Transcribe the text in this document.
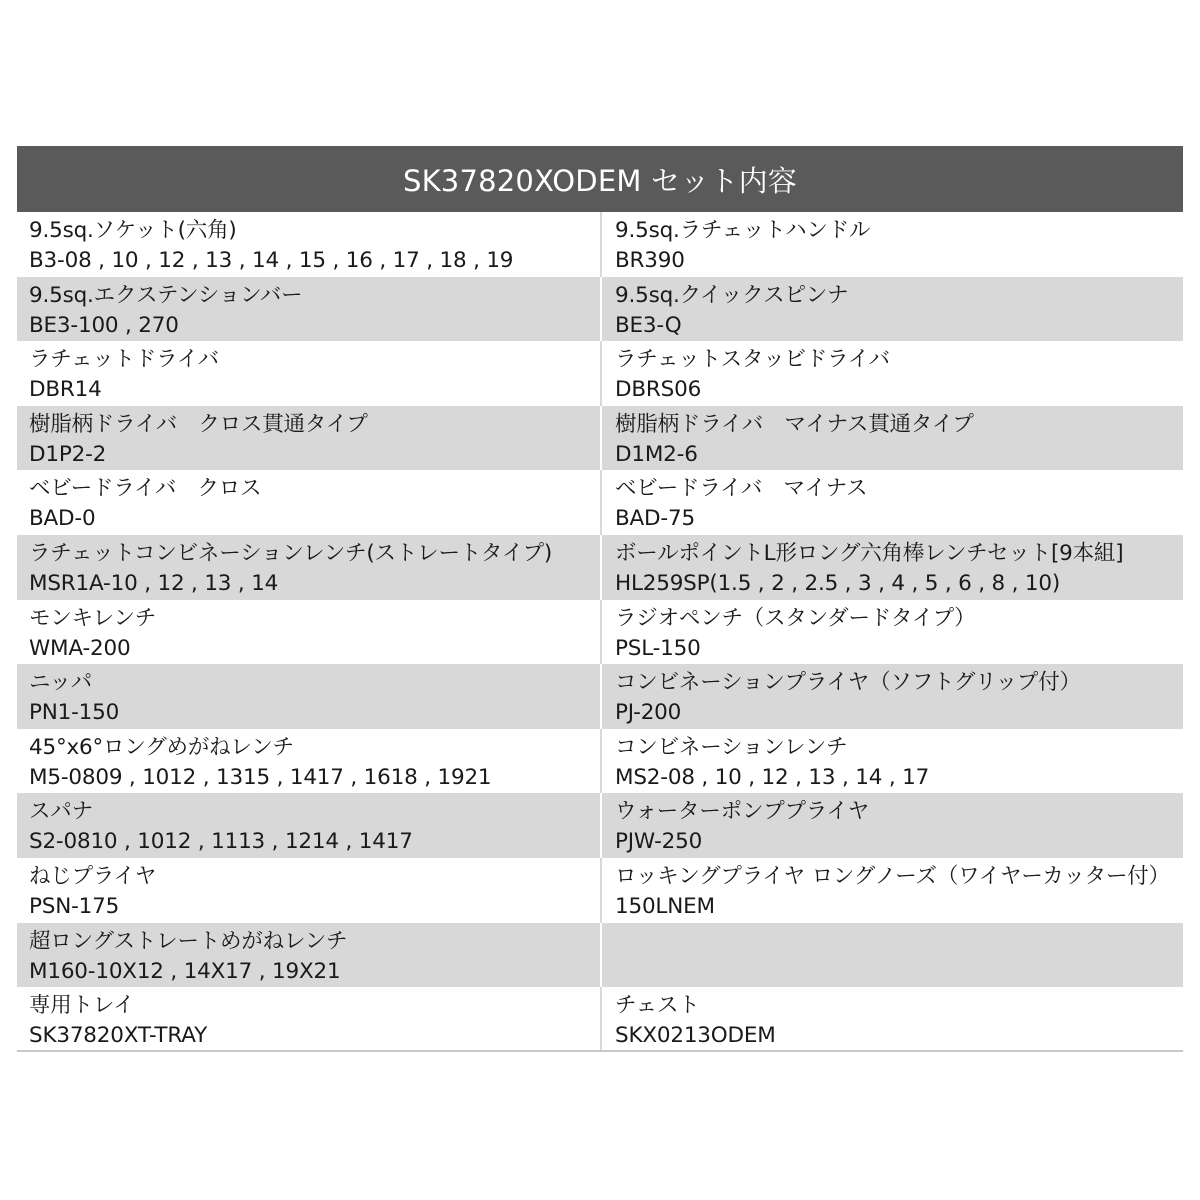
SK37820XODEM セット内容
9.5sq.ソケット(六角)
B3-08 , 10 , 12 , 13 , 14 , 15 , 16 , 17 , 18 , 19
9.5sq.ラチェットハンドル
BR390
9.5sq.エクステンションバー
BE3-100 , 270
9.5sq.クイックスピンナ
BE3-Q
ラチェットドライバ
DBR14
ラチェットスタッビドライバ
DBRS06
樹脂柄ドライバ　クロス貫通タイプ
D1P2-2
樹脂柄ドライバ　マイナス貫通タイプ
D1M2-6
ベビードライバ　クロス
BAD-0
ベビードライバ　マイナス
BAD-75
ラチェットコンビネーションレンチ(ストレートタイプ)
MSR1A-10 , 12 , 13 , 14
ボールポイントL形ロング六角棒レンチセット[9本組]
HL259SP(1.5 , 2 , 2.5 , 3 , 4 , 5 , 6 , 8 , 10)
モンキレンチ
WMA-200
ラジオペンチ（スタンダードタイプ）
PSL-150
ニッパ
PN1-150
コンビネーションプライヤ（ソフトグリップ付）
PJ-200
45°x6°ロングめがねレンチ
M5-0809 , 1012 , 1315 , 1417 , 1618 , 1921
コンビネーションレンチ
MS2-08 , 10 , 12 , 13 , 14 , 17
スパナ
S2-0810 , 1012 , 1113 , 1214 , 1417
ウォーターポンププライヤ
PJW-250
ねじプライヤ
PSN-175
ロッキングプライヤ ロングノーズ（ワイヤーカッター付）
150LNEM
超ロングストレートめがねレンチ
M160-10X12 , 14X17 , 19X21
専用トレイ
SK37820XT-TRAY
チェスト
SKX0213ODEM
